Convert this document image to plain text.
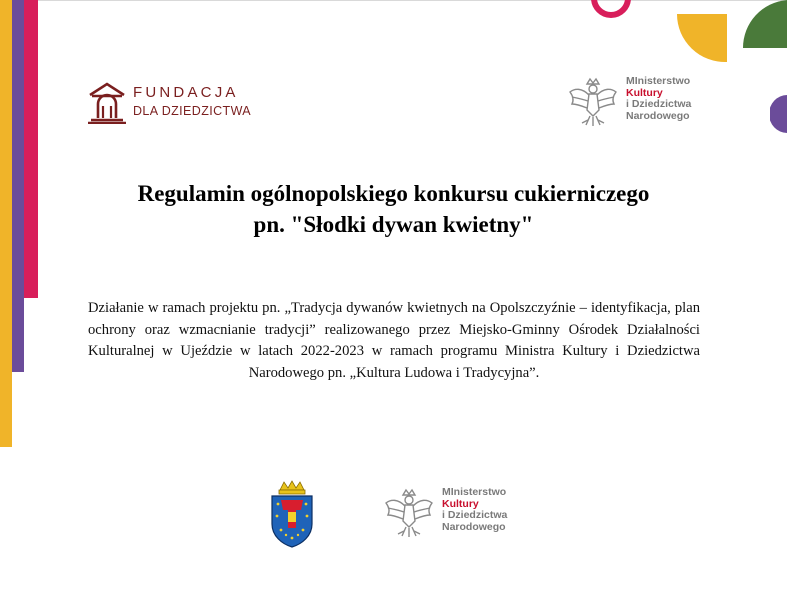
FUNDACJA
DLA DZIEDZICTWA
MInisterstwo
Kultury
i Dziedzictwa
Narodowego
Regulamin ogólnopolskiego konkursu cukierniczego
pn. "Słodki dywan kwietny"
Działanie w ramach projektu pn. „Tradycja dywanów kwietnych na Opolszczyźnie – identyfikacja, plan ochrony oraz wzmacnianie tradycji” realizowanego przez Miejsko-Gminny Ośrodek Działalności Kulturalnej w Ujeździe w latach 2022-2023 w ramach programu Ministra Kultury i Dziedzictwa Narodowego pn. „Kultura Ludowa i Tradycyjna”.
MInisterstwo
Kultury
i Dziedzictwa
Narodowego
